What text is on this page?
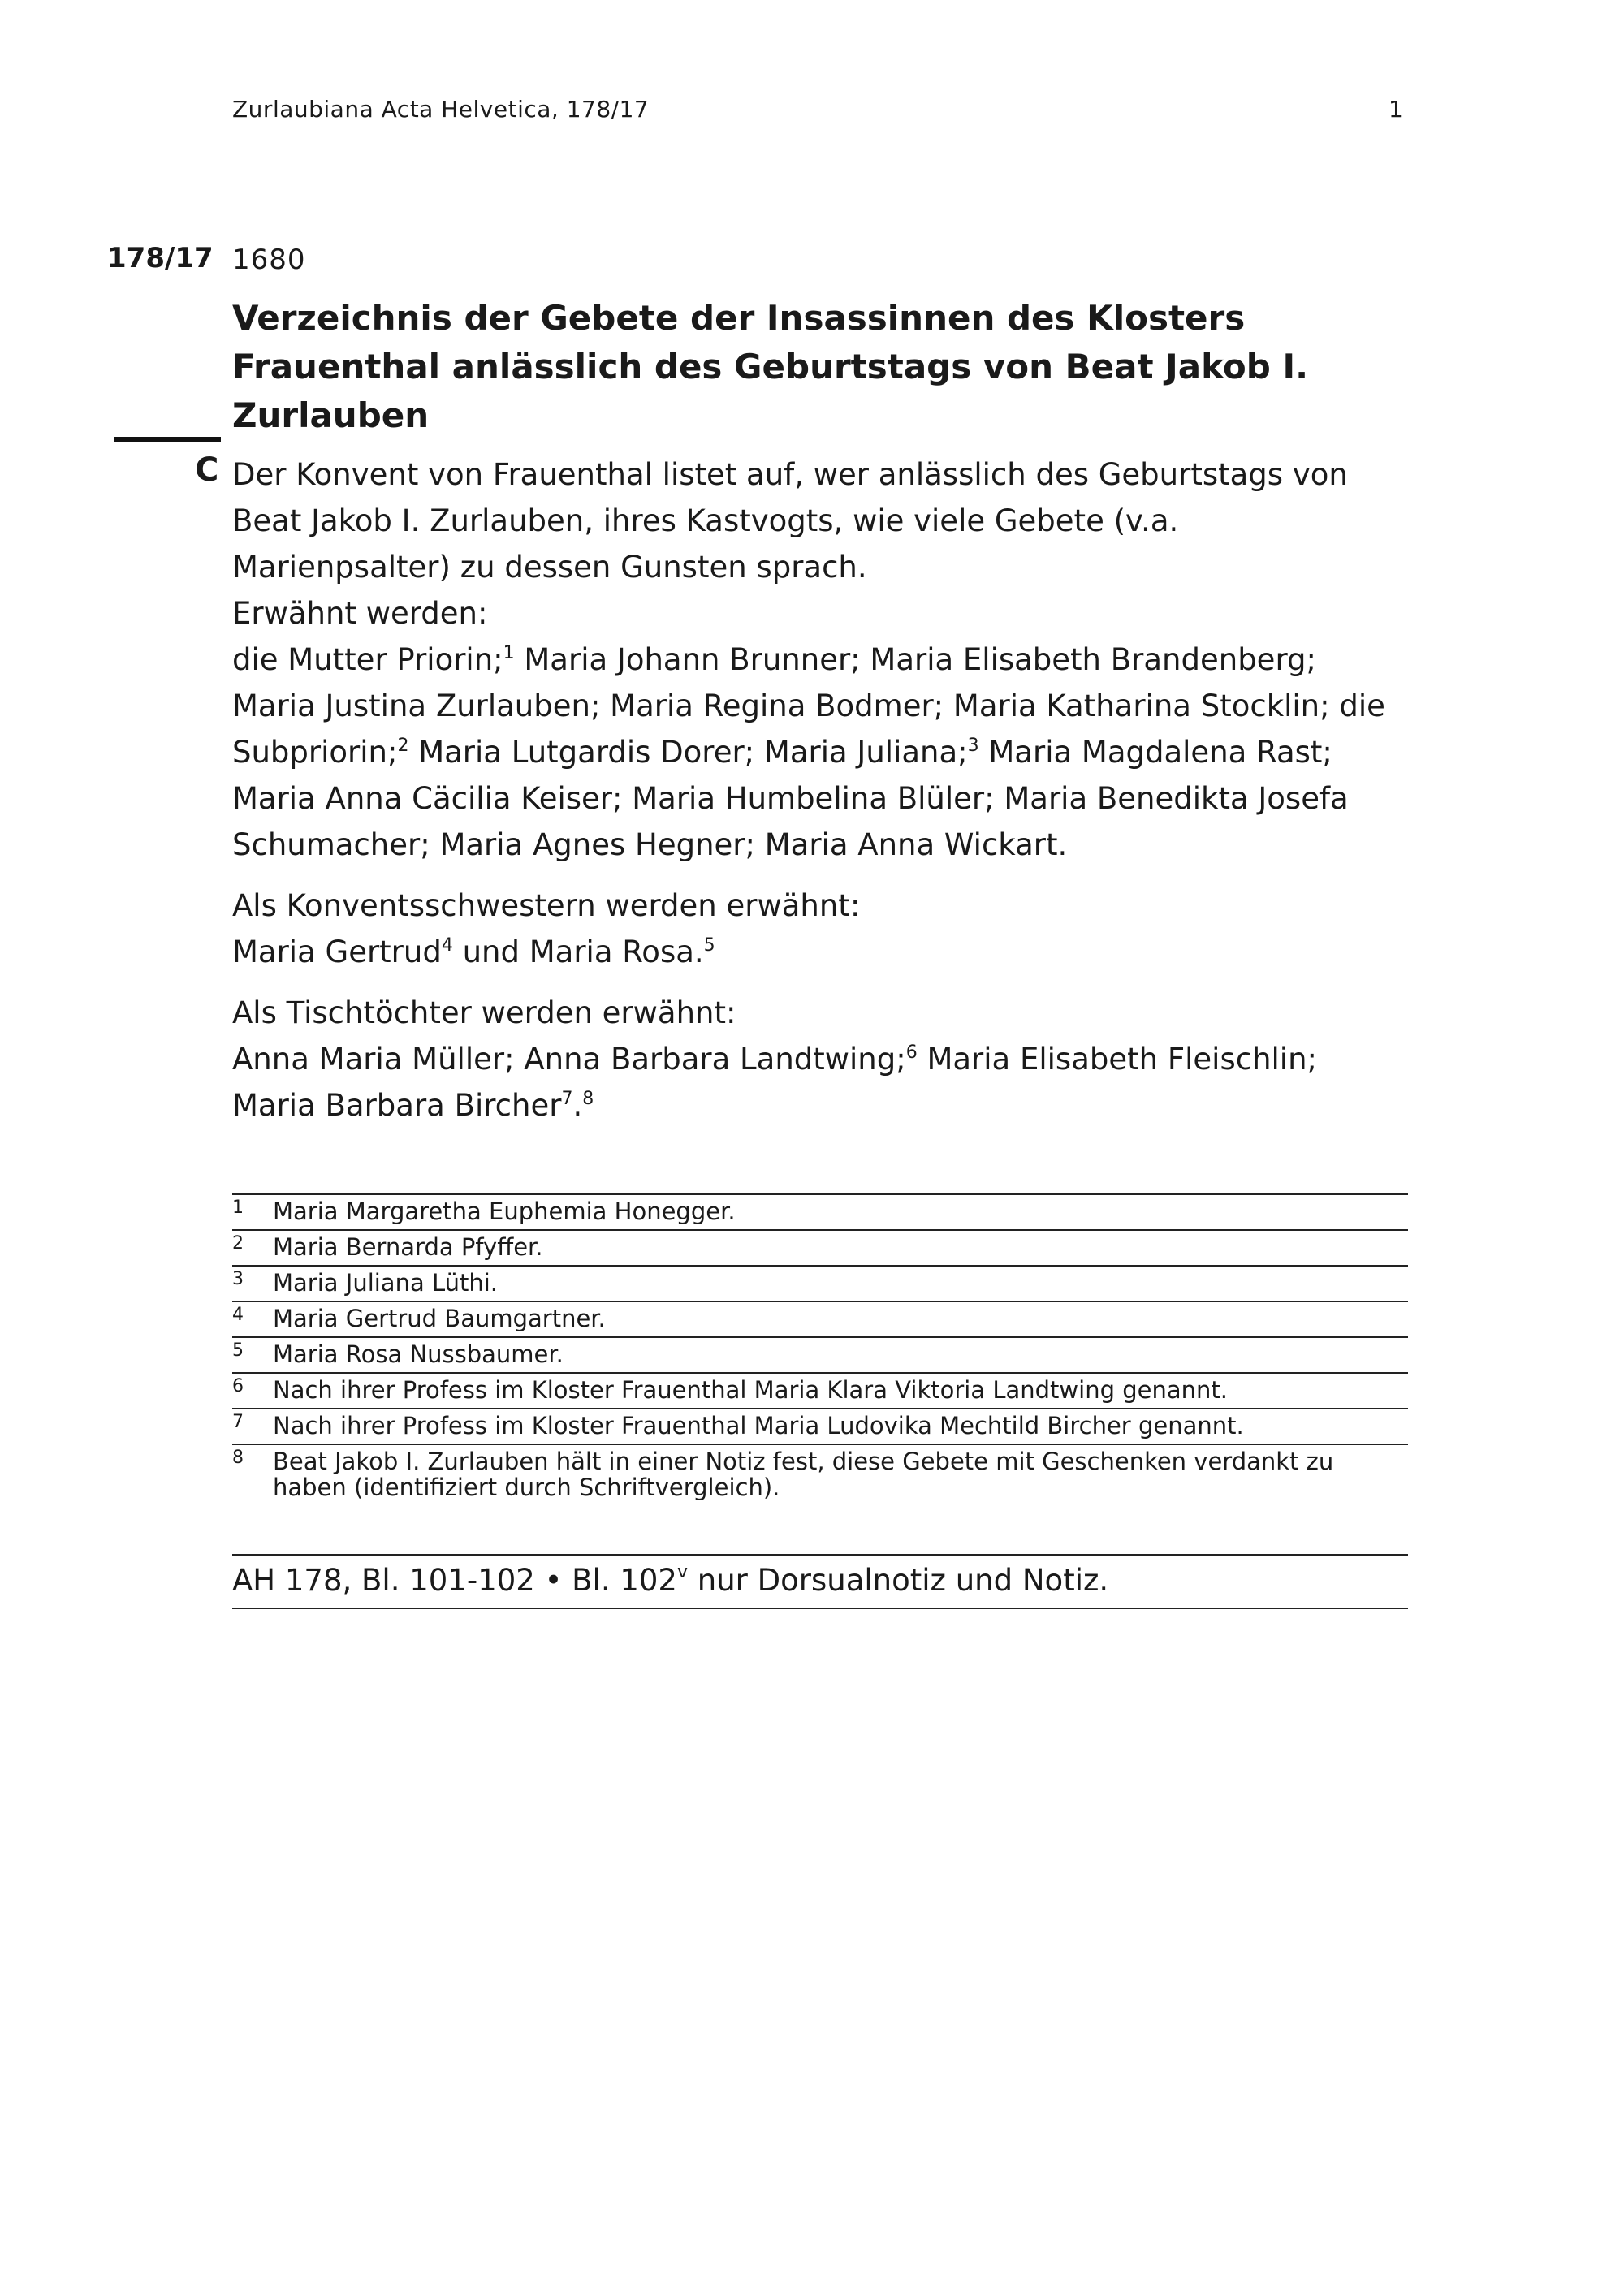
Zurlaubiana Acta Helvetica, 178/17	1
178/17 1680
Verzeichnis der Gebete der Insassinnen des Klosters Frauenthal anlässlich des Geburtstags von Beat Jakob I. Zurlauben
C Der Konvent von Frauenthal listet auf, wer anlässlich des Geburtstags von Beat Jakob I. Zurlauben, ihres Kastvogts, wie viele Gebete (v.a. Marienpsalter) zu dessen Gunsten sprach.
Erwähnt werden:
die Mutter Priorin;$^1$ Maria Johann Brunner; Maria Elisabeth Brandenberg; Maria Justina Zurlauben; Maria Regina Bodmer; Maria Katharina Stocklin; die Subpriorin;$^2$ Maria Lutgardis Dorer; Maria Juliana;$^3$ Maria Magdalena Rast; Maria Anna Cäcilia Keiser; Maria Humbelina Blüler; Maria Benedikta Josefa Schumacher; Maria Agnes Hegner; Maria Anna Wickart.

Als Konventsschwestern werden erwähnt:
Maria Gertrud$^4$ und Maria Rosa.$^5$

Als Tischtöchter werden erwähnt:
Anna Maria Müller; Anna Barbara Landtwing;$^6$ Maria Elisabeth Fleischlin; Maria Barbara Bircher$^7$.$^8$

1	Maria Margaretha Euphemia Honegger.
2	Maria Bernarda Pfyffer.
3	Maria Juliana Lüthi.
4	Maria Gertrud Baumgartner.
5	Maria Rosa Nussbaumer.
6	Nach ihrer Profess im Kloster Frauenthal Maria Klara Viktoria Landtwing genannt.
7	Nach ihrer Profess im Kloster Frauenthal Maria Ludovika Mechtild Bircher genannt.
8	Beat Jakob I. Zurlauben hält in einer Notiz fest, diese Gebete mit Geschenken verdankt zu haben (identifiziert durch Schriftvergleich).
AH 178, Bl. 101-102 • Bl. 102$^v$ nur Dorsualnotiz und Notiz.
